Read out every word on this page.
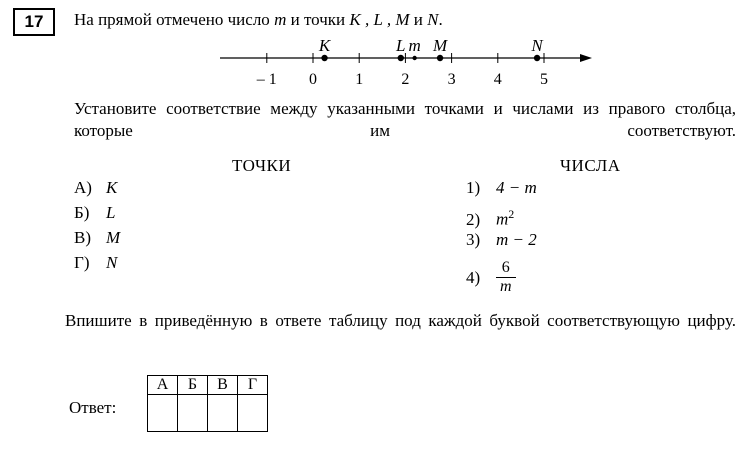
17	На прямой отмечено число m и точки K , L , M и N.
– 1 0 1 2 3 4 5
K	L m M	N
Установите соответствие между указанными точками и числами из правого столбца, которые им соответствуют.
ТОЧКИ
А) K
Б) L
В) M
Г) N
ЧИСЛА
1) 4 − m
2) $m^2$
3) m − 2
$4) \frac{6}{m}$
Впишите в приведённую в ответе таблицу под каждой буквой соответствующую цифру.
Ответ:
А	Б	В	Г
